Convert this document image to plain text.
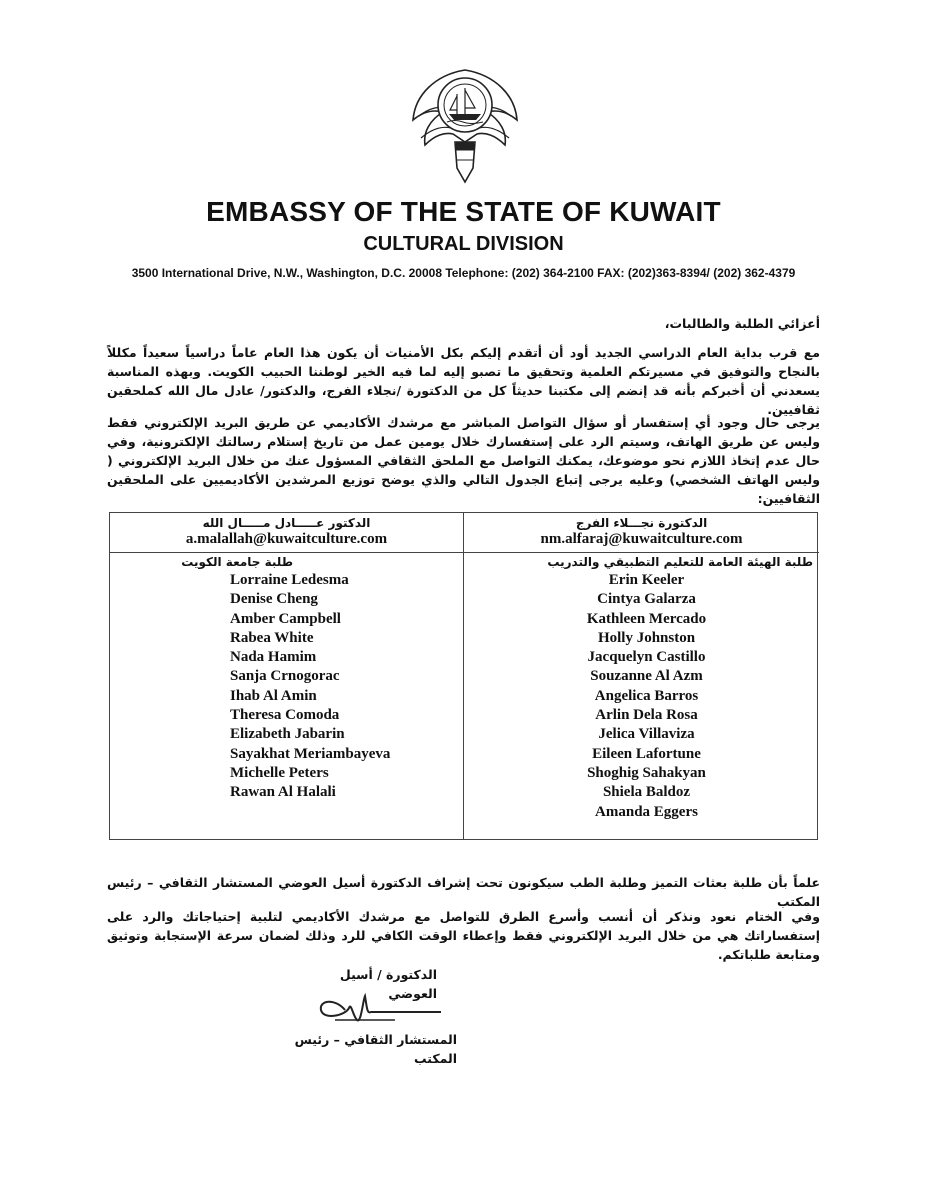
EMBASSY OF THE STATE OF KUWAIT
CULTURAL DIVISION
3500 International Drive, N.W., Washington, D.C. 20008 Telephone: (202) 364-2100 FAX: (202)363-8394/ (202) 362-4379
أعزائي الطلبة والطالبات،
مع قرب بداية العام الدراسي الجديد أود أن أتقدم إليكم بكل الأمنيات أن يكون هذا العام عاماً دراسياً سعيداً مكللاً بالنجاح والتوفيق في مسيرتكم العلمية وتحقيق ما تصبو إليه لما فيه الخير لوطننا الحبيب الكويت. وبهذه المناسبة يسعدني أن أخبركم بأنه قد إنضم إلى مكتبنا حديثاً كل من الدكتورة /نجلاء الفرج، والدكتور/ عادل مال الله كملحقين ثقافيين.
يرجى حال وجود أي إستفسار أو سؤال التواصل المباشر مع مرشدك الأكاديمي عن طريق البريد الإلكتروني فقط وليس عن طريق الهاتف، وسيتم الرد على إستفسارك خلال يومين عمل من تاريخ إستلام رسالتك الإلكترونية، وفي حال عدم إتخاذ اللازم نحو موضوعك، يمكنك التواصل مع الملحق الثقافي المسؤول عنك من خلال البريد الإلكتروني ( وليس الهاتف الشخصي) وعليه يرجى إتباع الجدول التالي والذي يوضح توزيع المرشدين الأكاديميين على الملحقين الثقافيين:
الدكتور عـــــادل مـــــال الله
a.malallah@kuwaitculture.com
طلبة جامعة الكويت
Lorraine Ledesma
Denise Cheng
Amber Campbell
Rabea White
Nada Hamim
Sanja Crnogorac
Ihab Al Amin
Theresa Comoda
Elizabeth Jabarin
Sayakhat Meriambayeva
Michelle Peters
Rawan Al Halali
الدكتورة نجـــلاء الفرج
nm.alfaraj@kuwaitculture.com
طلبة الهيئة العامة للتعليم التطبيقي والتدريب
Erin Keeler
Cintya Galarza
Kathleen Mercado
Holly Johnston
Jacquelyn Castillo
Souzanne Al Azm
Angelica Barros
Arlin Dela Rosa
Jelica Villaviza
Eileen Lafortune
Shoghig Sahakyan
Shiela Baldoz
Amanda Eggers
علماً بأن طلبة بعثات التميز وطلبة الطب سيكونون تحت إشراف الدكتورة أسيل العوضي المستشار الثقافي – رئيس المكتب
وفي الختام نعود ونذكر أن أنسب وأسرع الطرق للتواصل مع مرشدك الأكاديمي لتلبية إحتياجاتك والرد على إستفساراتك هي من خلال البريد الإلكتروني فقط وإعطاء الوقت الكافي للرد وذلك لضمان سرعة الإستجابة وتوثيق ومتابعة طلباتكم.
الدكتورة / أسيل العوضي
المستشار الثقافي – رئيس المكتب
